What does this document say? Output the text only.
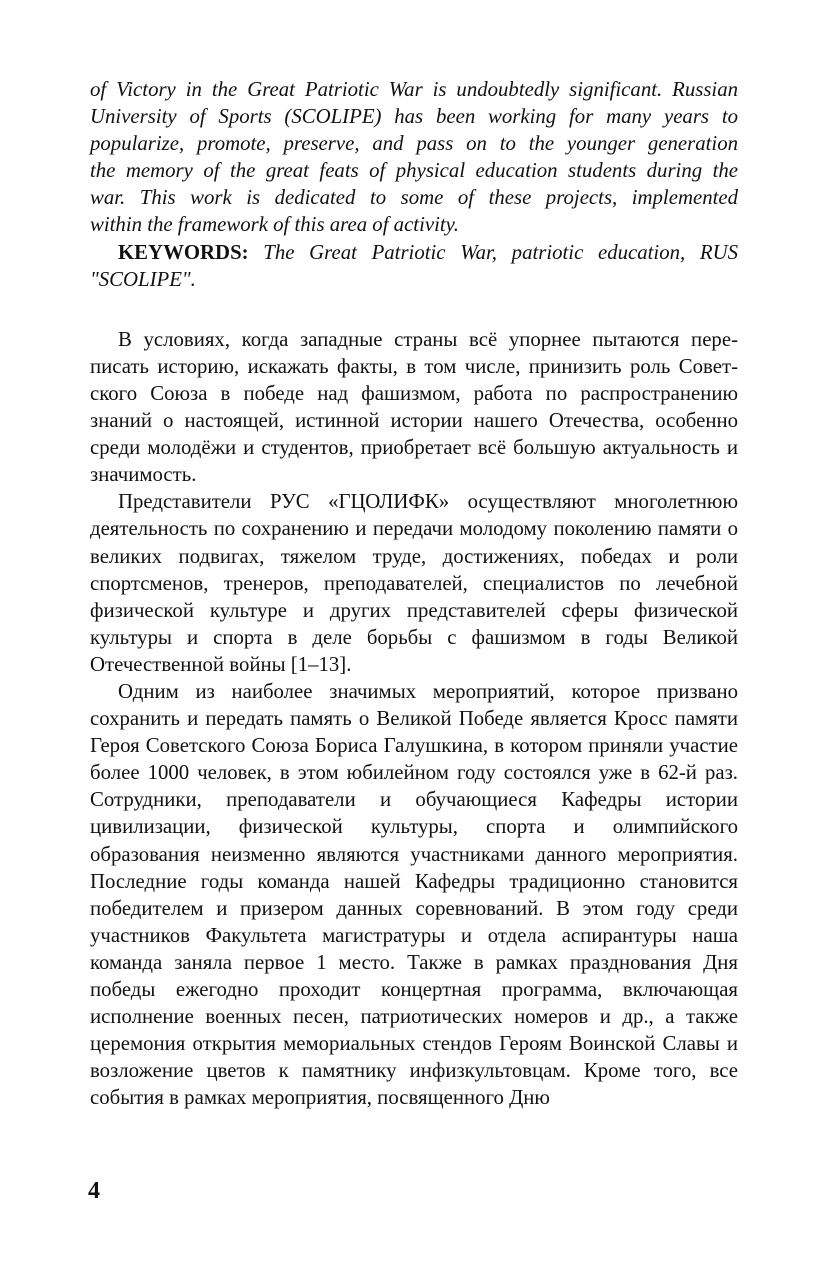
of Victory in the Great Patriotic War is undoubtedly significant. Russian
University of Sports (SCOLIPE) has been working for many years to
popularize, promote, preserve, and pass on to the younger generation
the memory of the great feats of physical education students during the
war. This work is dedicated to some of these projects, implemented
within the framework of this area of activity.

KEYWORDS: The Great Patriotic War, patriotic education, RUS "SCOLIPE".

В условиях, когда западные страны всё упорнее пытаются переписать историю, искажать факты, в том числе, принизить роль Советского Союза в победе над фашизмом, работа по распространению знаний о настоящей, истинной истории нашего Отечества, особенно среди молодёжи и студентов, приобретает всё большую актуальность и значимость.

Представители РУС «ГЦОЛИФК» осуществляют многолетнюю деятельность по сохранению и передачи молодому поколению памяти о великих подвигах, тяжелом труде, достижениях, победах и роли спортсменов, тренеров, преподавателей, специалистов по лечебной физической культуре и других представителей сферы физической культуры и спорта в деле борьбы с фашизмом в годы Великой Отечественной войны [1–13].

Одним из наиболее значимых мероприятий, которое призвано сохранить и передать память о Великой Победе является Кросс памяти Героя Советского Союза Бориса Галушкина, в котором приняли участие более 1000 человек, в этом юбилейном году состоялся уже в 62-й раз. Сотрудники, преподаватели и обучающиеся Кафедры истории цивилизации, физической культуры, спорта и олимпийского образования неизменно являются участниками данного мероприятия. Последние годы команда нашей Кафедры традиционно становится победителем и призером данных соревнований. В этом году среди участников Факультета магистратуры и отдела аспирантуры наша команда заняла первое 1 место. Также в рамках празднования Дня победы ежегодно проходит концертная программа, включающая исполнение военных песен, патриотических номеров и др., а также церемония открытия мемориальных стендов Героям Воинской Славы и возложение цветов к памятнику инфизкультовцам. Кроме того, все события в рамках мероприятия, посвященного Дню

4
